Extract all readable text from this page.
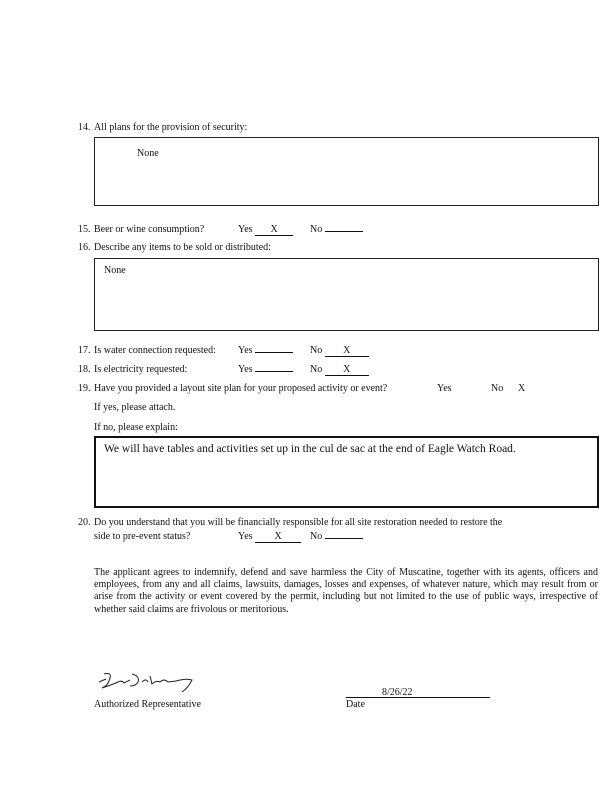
14. All plans for the provision of security:
None
15. Beer or wine consumption?	Yes X	No
16. Describe any items to be sold or distributed:
None
17. Is water connection requested: Yes	No X
18. Is electricity requested:	Yes	No X
19. Have you provided a layout site plan for your proposed activity or event?	Yes	No X
If yes, please attach.
If no, please explain:
We will have tables and activities set up in the cul de sac at the end of Eagle Watch Road.
20. Do you understand that you will be financially responsible for all site restoration needed to restore the
side to pre-event status?	Yes X	No
The applicant agrees to indemnify, defend and save harmless the City of Muscatine, together with its agents, officers and employees, from any and all claims, lawsuits, damages, losses and expenses, of whatever nature, which may result from or arise from the activity or event covered by the permit, including but not limited to the use of public ways, irrespective of whether said claims are frivolous or meritorious.
Authorized Representative
8/26/22
Date
